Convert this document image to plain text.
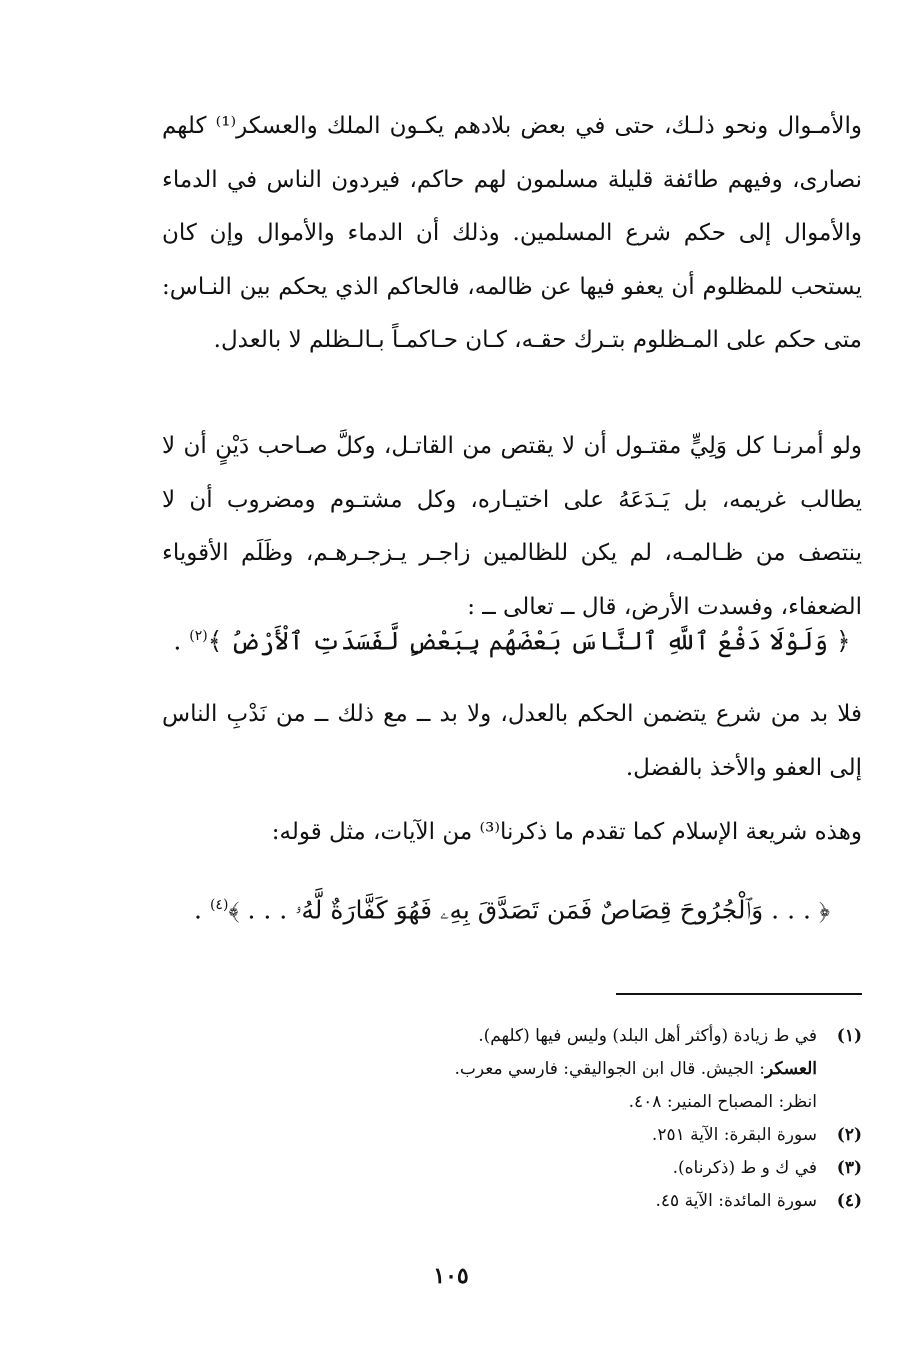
والأمـوال ونحو ذلـك، حتى في بعض بلادهم يكـون الملك والعسكر⁽¹⁾ كلهم نصارى، وفيهم طائفة قليلة مسلمون لهم حاكم، فيردون الناس في الدماء والأموال إلى حكم شرع المسلمين. وذلك أن الدماء والأموال وإن كان يستحب للمظلوم أن يعفو فيها عن ظالمه، فالحاكم الذي يحكم بين النـاس: متى حكم على المـظلوم بتـرك حقـه، كـان حـاكمـاً بـالـظلم لا بالعدل.
ولو أمرنـا كل وَلِيٍّ مقتـول أن لا يقتص من القاتـل، وكلَّ صـاحب دَيْنٍ أن لا يطالب غريمه، بل يَـدَعَهُ على اختيـاره، وكل مشتـوم ومضروب أن لا ينتصف من ظـالمـه، لم يكن للظالمين زاجـر يـزجـرهـم، وظَلَم الأقوياء الضعفاء، وفسدت الأرض، قال ــ تعالى ــ :
﴿ وَلَوْلَا دَفْعُ ٱللَّهِ ٱلنَّاسَ بَعْضَهُم بِبَعْضٍ لَّفَسَدَتِ ٱلْأَرْضُ ﴾$^{(٢)}$ .
فلا بد من شرع يتضمن الحكم بالعدل، ولا بد ــ مع ذلك ــ من نَدْبِ الناس إلى العفو والأخذ بالفضل.
وهذه شريعة الإسلام كما تقدم ما ذكرنا⁽³⁾ من الآيات، مثل قوله:
﴿ . . . وَٱلْجُرُوحَ قِصَاصٌ فَمَن تَصَدَّقَ بِهِۦ فَهُوَ كَفَّارَةٌ لَّهُۥ . . . ﴾$^{(٤)}$ .
(١)في ط زيادة (وأكثر أهل البلد) وليس فيها (كلهم).
العسكر: الجيش. قال ابن الجواليقي: فارسي معرب.
انظر: المصباح المنير: ٤٠٨.
(٢)سورة البقرة: الآية ٢٥١.
(٣)في ك و ط (ذكرناه).
(٤)سورة المائدة: الآية ٤٥.
١٠٥
